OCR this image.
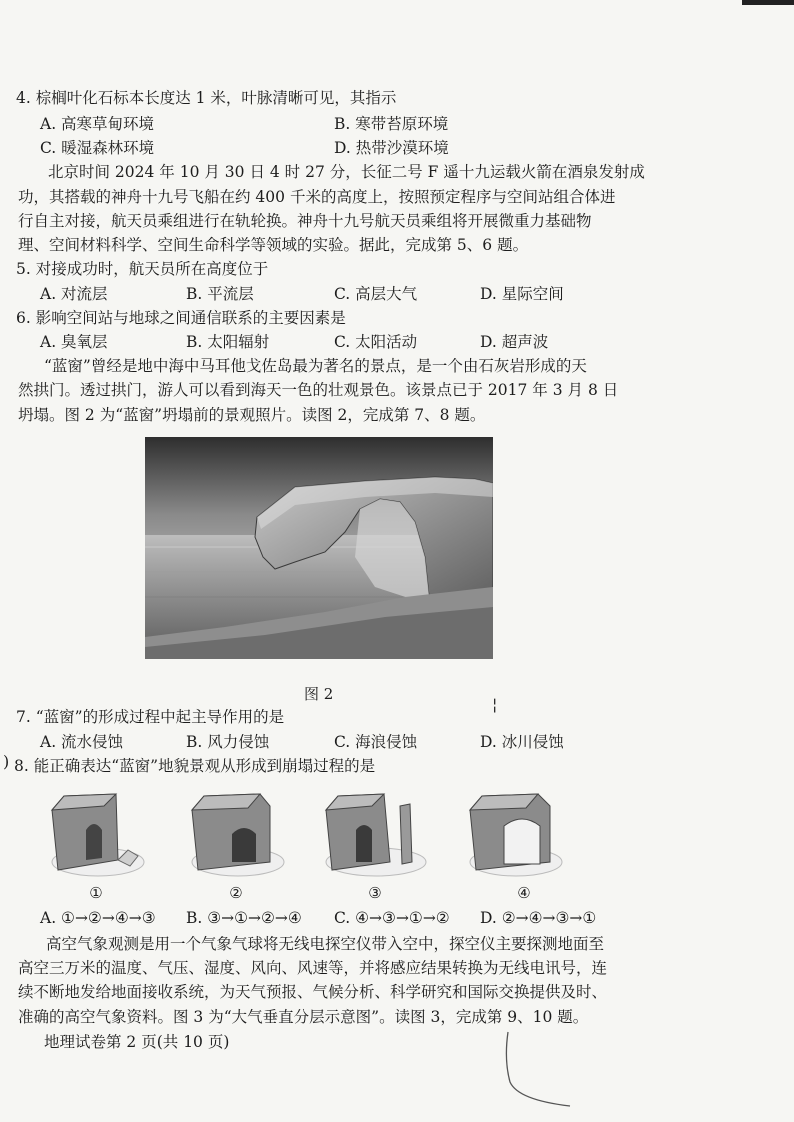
4. 棕榈叶化石标本长度达 1 米，叶脉清晰可见，其指示
A. 高寒草甸环境	B. 寒带苔原环境
C. 暖湿森林环境	D. 热带沙漠环境
北京时间 2024 年 10 月 30 日 4 时 27 分，长征二号 F 遥十九运载火箭在酒泉发射成
功，其搭载的神舟十九号飞船在约 400 千米的高度上，按照预定程序与空间站组合体进
行自主对接，航天员乘组进行在轨轮换。神舟十九号航天员乘组将开展微重力基础物
理、空间材料科学、空间生命科学等领域的实验。据此，完成第 5、6 题。
5. 对接成功时，航天员所在高度位于
A. 对流层	B. 平流层	C. 高层大气	D. 星际空间
6. 影响空间站与地球之间通信联系的主要因素是
A. 臭氧层	B. 太阳辐射	C. 太阳活动	D. 超声波
“蓝窗”曾经是地中海中马耳他戈佐岛最为著名的景点，是一个由石灰岩形成的天
然拱门。透过拱门，游人可以看到海天一色的壮观景色。该景点已于 2017 年 3 月 8 日
坍塌。图 2 为“蓝窗”坍塌前的景观照片。读图 2，完成第 7、8 题。
图 2
¦
7. “蓝窗”的形成过程中起主导作用的是
A. 流水侵蚀	B. 风力侵蚀	C. 海浪侵蚀	D. 冰川侵蚀
) 8. 能正确表达“蓝窗”地貌景观从形成到崩塌过程的是
①	②	③	④
A. ①→②→④→③ B. ③→①→②→④ C. ④→③→①→② D. ②→④→③→①
高空气象观测是用一个气象气球将无线电探空仪带入空中，探空仪主要探测地面至
高空三万米的温度、气压、湿度、风向、风速等，并将感应结果转换为无线电讯号，连
续不断地发给地面接收系统，为天气预报、气候分析、科学研究和国际交换提供及时、
准确的高空气象资料。图 3 为“大气垂直分层示意图”。读图 3，完成第 9、10 题。
地理试卷第 2 页(共 10 页)
